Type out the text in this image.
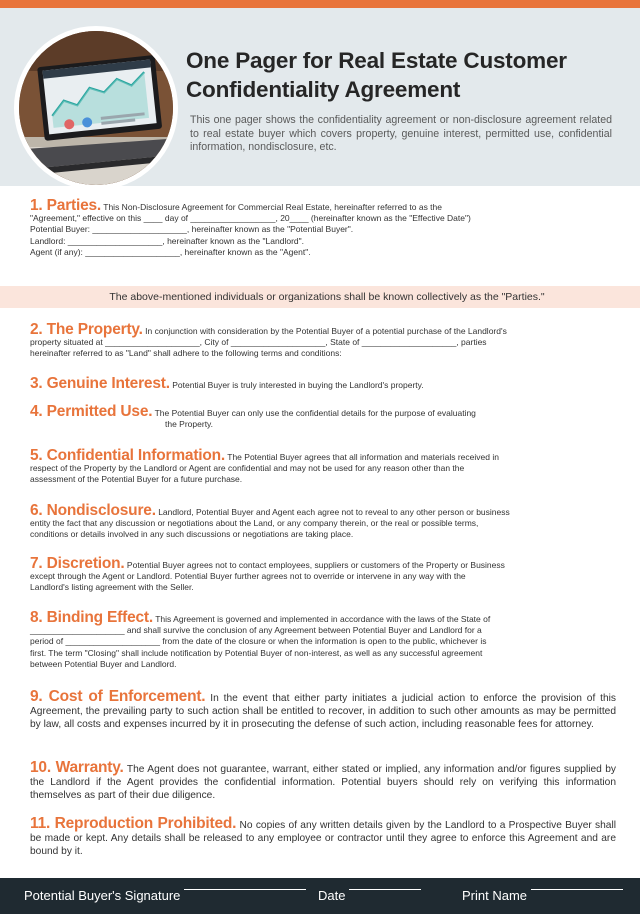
One Pager for Real Estate Customer
Confidentiality Agreement
This one pager shows the confidentiality agreement or non-disclosure agreement related to real estate buyer which covers property, genuine interest, permitted use, confidential information, nondisclosure, etc.
1. Parties. This Non-Disclosure Agreement for Commercial Real Estate, hereinafter referred to as the
"Agreement," effective on this ____ day of __________________, 20____ (hereinafter known as the "Effective Date")
Potential Buyer: ____________________, hereinafter known as the "Potential Buyer".
Landlord: ____________________, hereinafter known as the "Landlord".
Agent (if any): ____________________, hereinafter known as the "Agent".
The above-mentioned individuals or organizations shall be known collectively as the "Parties."
2. The Property. In conjunction with consideration by the Potential Buyer of a potential purchase of the Landlord's
property situated at ____________________, City of ____________________, State of ____________________, parties
hereinafter referred to as "Land" shall adhere to the following terms and conditions:
3. Genuine Interest. Potential Buyer is truly interested in buying the Landlord's property.
4. Permitted Use. The Potential Buyer can only use the confidential details for the purpose of evaluating
the Property.
5. Confidential Information. The Potential Buyer agrees that all information and materials received in
respect of the Property by the Landlord or Agent are confidential and may not be used for any reason other than the
assessment of the Potential Buyer for a future purchase.
6. Nondisclosure. Landlord, Potential Buyer and Agent each agree not to reveal to any other person or business
entity the fact that any discussion or negotiations about the Land, or any company therein, or the real or possible terms,
conditions or details involved in any such discussions or negotiations are taking place.
7. Discretion. Potential Buyer agrees not to contact employees, suppliers or customers of the Property or Business
except through the Agent or Landlord. Potential Buyer further agrees not to override or intervene in any way with the
Landlord's listing agreement with the Seller.
8. Binding Effect. This Agreement is governed and implemented in accordance with the laws of the State of
____________________ and shall survive the conclusion of any Agreement between Potential Buyer and Landlord for a
period of ____________________ from the date of the closure or when the information is open to the public, whichever is
first. The term "Closing" shall include notification by Potential Buyer of non-interest, as well as any successful agreement
between Potential Buyer and Landlord.
9. Cost of Enforcement. In the event that either party initiates a judicial action to enforce the provision of this Agreement, the prevailing party to such action shall be entitled to recover, in addition to such other amounts as may be permitted by law, all costs and expenses incurred by it in prosecuting the defense of such action, including reasonable fees for attorney.
10. Warranty. The Agent does not guarantee, warrant, either stated or implied, any information and/or figures supplied by the Landlord if the Agent provides the confidential information. Potential buyers should rely on verifying this information themselves as part of their due diligence.
11. Reproduction Prohibited. No copies of any written details given by the Landlord to a Prospective Buyer shall be made or kept. Any details shall be released to any employee or contractor until they agree to enforce this Agreement and are bound by it.
Potential Buyer's Signature	Date	Print Name
